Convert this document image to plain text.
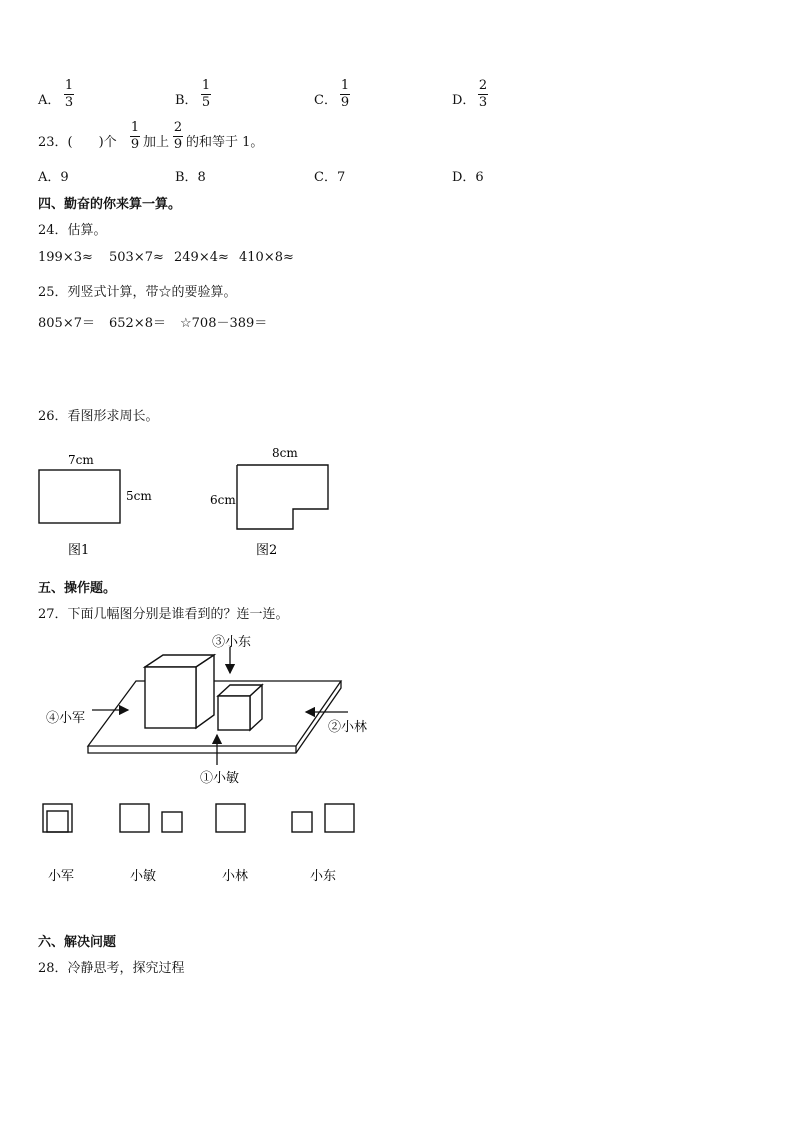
A．
1
3	B．
1
5	C．
1
9	D．
2
3
23．(　　)个
1
9 加上
2
9 的和等于 1。
A．9	B．8	C．7	D．6
四、勤奋的你来算一算。
24．估算。
199×3≈ 503×7≈ 249×4≈ 410×8≈
25．列竖式计算，带☆的要验算。
805×7＝ 652×8＝ ☆708－389＝
26．看图形求周长。
7cm
5cm
图1
8cm
6cm
图2
五、操作题。
27．下面几幅图分别是谁看到的？连一连。
③小东
④小军
②小林
①小敏
小军	小敏	小林	小东
六、解决问题
28．冷静思考，探究过程
